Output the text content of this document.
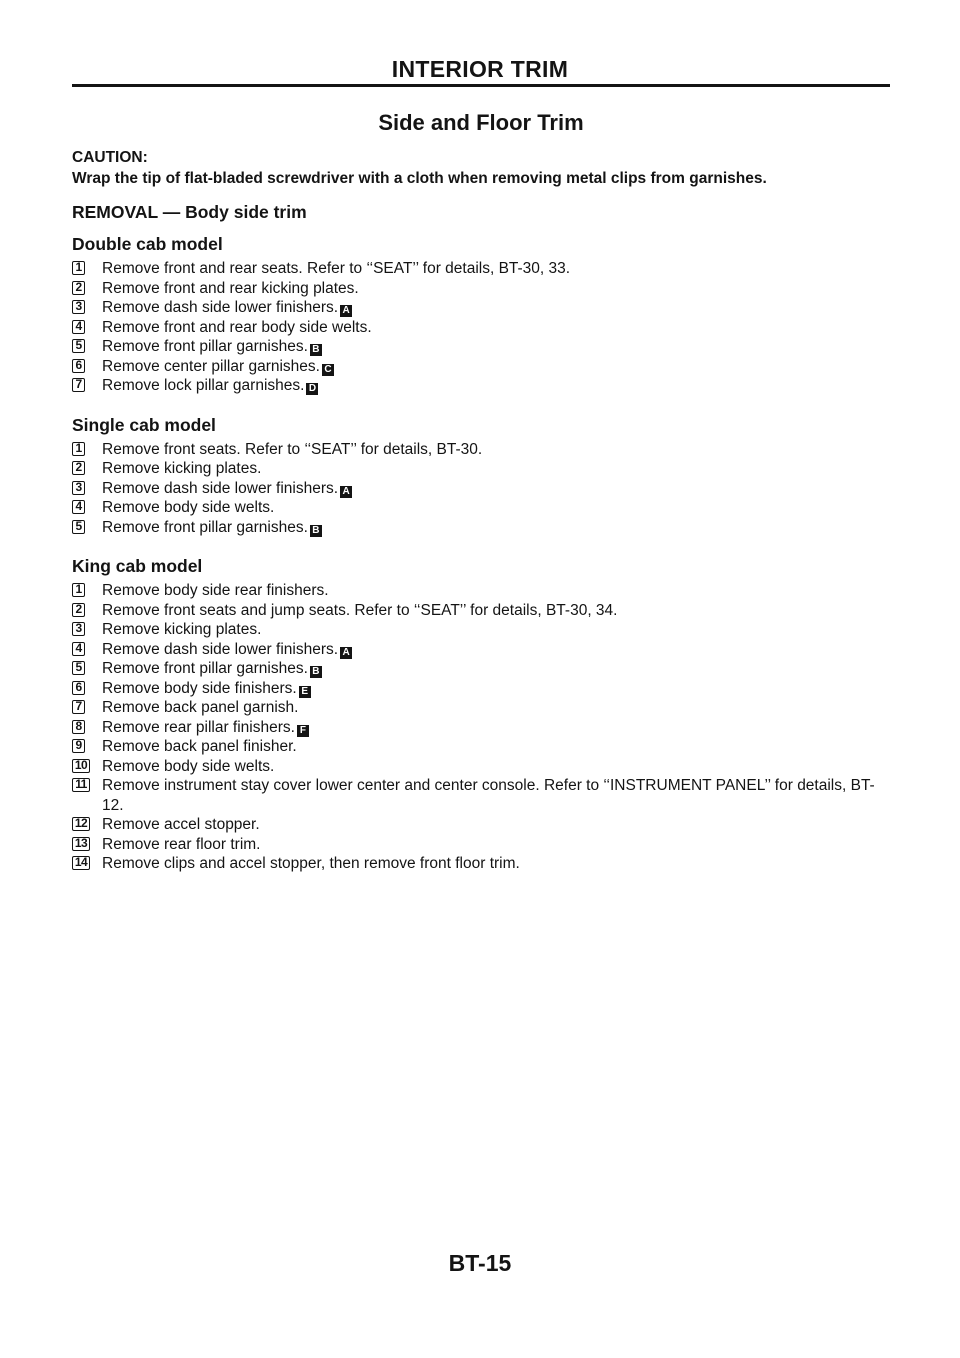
INTERIOR TRIM
Side and Floor Trim

CAUTION:

Wrap the tip of flat-bladed screwdriver with a cloth when removing metal clips from garnishes.

REMOVAL — Body side trim
Double cab model
1 Remove front and rear seats. Refer to ‘‘SEAT’’ for details, BT-30, 33.
2 Remove front and rear kicking plates.
3 Remove dash side lower finishers. A
4 Remove front and rear body side welts.
5 Remove front pillar garnishes. B
6 Remove center pillar garnishes. C
7 Remove lock pillar garnishes. D
Single cab model
1 Remove front seats. Refer to ‘‘SEAT’’ for details, BT-30.
2 Remove kicking plates.
3 Remove dash side lower finishers. A
4 Remove body side welts.
5 Remove front pillar garnishes. B
King cab model
1 Remove body side rear finishers.
2 Remove front seats and jump seats. Refer to ‘‘SEAT’’ for details, BT-30, 34.
3 Remove kicking plates.
4 Remove dash side lower finishers. A
5 Remove front pillar garnishes. B
6 Remove body side finishers. E
7 Remove back panel garnish.
8 Remove rear pillar finishers. F
9 Remove back panel finisher.
10 Remove body side welts.
11 Remove instrument stay cover lower center and center console. Refer to ‘‘INSTRUMENT PANEL’’ for details, BT-12.
12 Remove accel stopper.
13 Remove rear floor trim.
14 Remove clips and accel stopper, then remove front floor trim.
BT-15
